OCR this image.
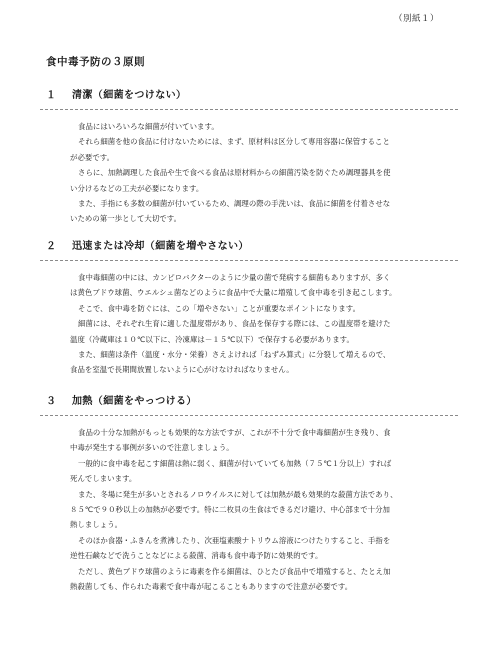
（別紙１）
食中毒予防の３原則
１ 清潔（細菌をつけない）

食品にはいろいろな細菌が付いています。

それら細菌を他の食品に付けないためには、まず、原材料は区分して専用容器に保管すること

が必要です。

さらに、加熱調理した食品や生で食べる食品は原材料からの細菌汚染を防ぐため調理器具を使

い分けるなどの工夫が必要になります。

また、手指にも多数の細菌が付いているため、調理の際の手洗いは、食品に細菌を付着させな

いための第一歩として大切です。

２ 迅速または冷却（細菌を増やさない）

食中毒細菌の中には、カンピロバクターのように少量の菌で発病する細菌もありますが、多く

は黄色ブドウ球菌、ウエルシュ菌などのように食品中で大量に増殖して食中毒を引き起こします。

そこで、食中毒を防ぐには、この「増やさない」ことが重要なポイントになります。

細菌には、それぞれ生育に適した温度帯があり、食品を保存する際には、この温度帯を避けた

温度（冷蔵庫は１０℃以下に、冷凍庫は－１５℃以下）で保存する必要があります。

また、細菌は条件（温度・水分・栄養）さえよければ「ねずみ算式」に分裂して増えるので、

食品を室温で長期間放置しないように心がけなければなりません。

３ 加熱（細菌をやっつける）

食品の十分な加熱がもっとも効果的な方法ですが、これが不十分で食中毒細菌が生き残り、食

中毒が発生する事例が多いので注意しましょう。

一般的に食中毒を起こす細菌は熱に弱く、細菌が付いていても加熱（７５℃１分以上）すれば

死んでしまいます。

また、冬場に発生が多いとされるノロウイルスに対しては加熱が最も効果的な殺菌方法であり、

８５℃で９０秒以上の加熱が必要です。特に二枚貝の生食はできるだけ避け、中心部まで十分加

熱しましょう。

そのほか食器・ふきんを煮沸したり、次亜塩素酸ナトリウム溶液につけたりすること、手指を

逆性石鹸などで洗うことなどによる殺菌、消毒も食中毒予防に効果的です。

ただし、黄色ブドウ球菌のように毒素を作る細菌は、ひとたび食品中で増殖すると、たとえ加

熱殺菌しても、作られた毒素で食中毒が起こることもありますので注意が必要です。
